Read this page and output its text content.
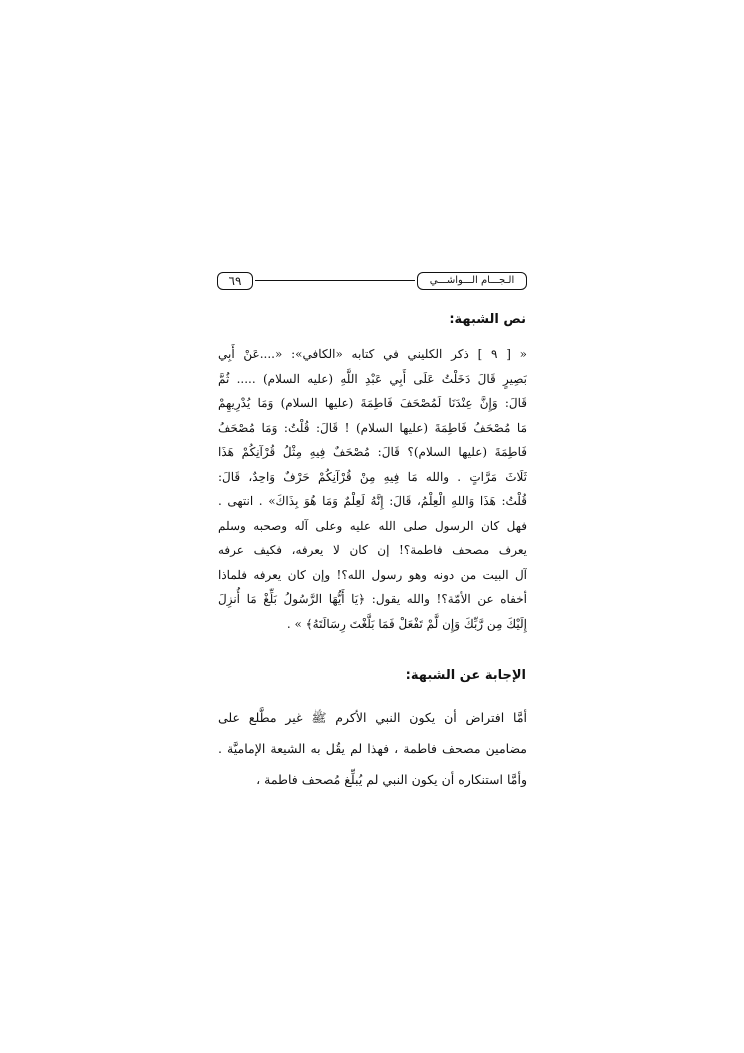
٦٩	الـجـــام الـــواشـــي
نص الشبهة:
« [ ٩ ] ذكر الكليني في كتابه «الكافي»: «....عَنْ أَبِي
بَصِيرٍ قَالَ دَخَلْتُ عَلَى أَبِي عَبْدِ اللَّهِ (عليه السلام) ..... ثُمَّ
قَالَ: وَإِنَّ عِنْدَنَا لَمُصْحَفَ فَاطِمَةَ (عليها السلام) وَمَا يُدْرِيهِمْ
مَا مُصْحَفُ فَاطِمَةَ (عليها السلام) ! قَالَ: قُلْتُ: وَمَا مُصْحَفُ
فَاطِمَةَ (عليها السلام)؟ قَالَ: مُصْحَفٌ فِيهِ مِثْلُ قُرْآنِكُمْ هَذَا
ثَلَاثَ مَرَّاتٍ . والله مَا فِيهِ مِنْ قُرْآنِكُمْ حَرْفٌ وَاحِدٌ، قَالَ:
قُلْتُ: هَذَا وَاللهِ الْعِلْمُ، قَالَ: إِنَّهُ لَعِلْمٌ وَمَا هُوَ بِذَاكَ» . انتهى .
فهل كان الرسول صلى الله عليه وعلى آله وصحبه وسلم
يعرف مصحف فاطمة؟! إن كان لا يعرفه، فكيف عرفه
آل البيت من دونه وهو رسول الله؟! وإن كان يعرفه فلماذا
أخفاه عن الأمّة؟! والله يقول: ﴿يَا أَيُّهَا الرَّسُولُ بَلِّغْ مَا أُنزِلَ
إِلَيْكَ مِن رَّبِّكَ وَإِن لَّمْ تَفْعَلْ فَمَا بَلَّغْتَ رِسَالَتَهُ﴾ » .
الإجابة عن الشبهة:
أمَّا افتراض أن يكون النبي الأكرم ﷺ غير مطَّلع على
مضامين مصحف فاطمة ، فهذا لم يقُل به الشيعة الإماميَّة .
وأمَّا استنكاره أن يكون النبي لم يُبلِّغ مُصحف فاطمة ،
